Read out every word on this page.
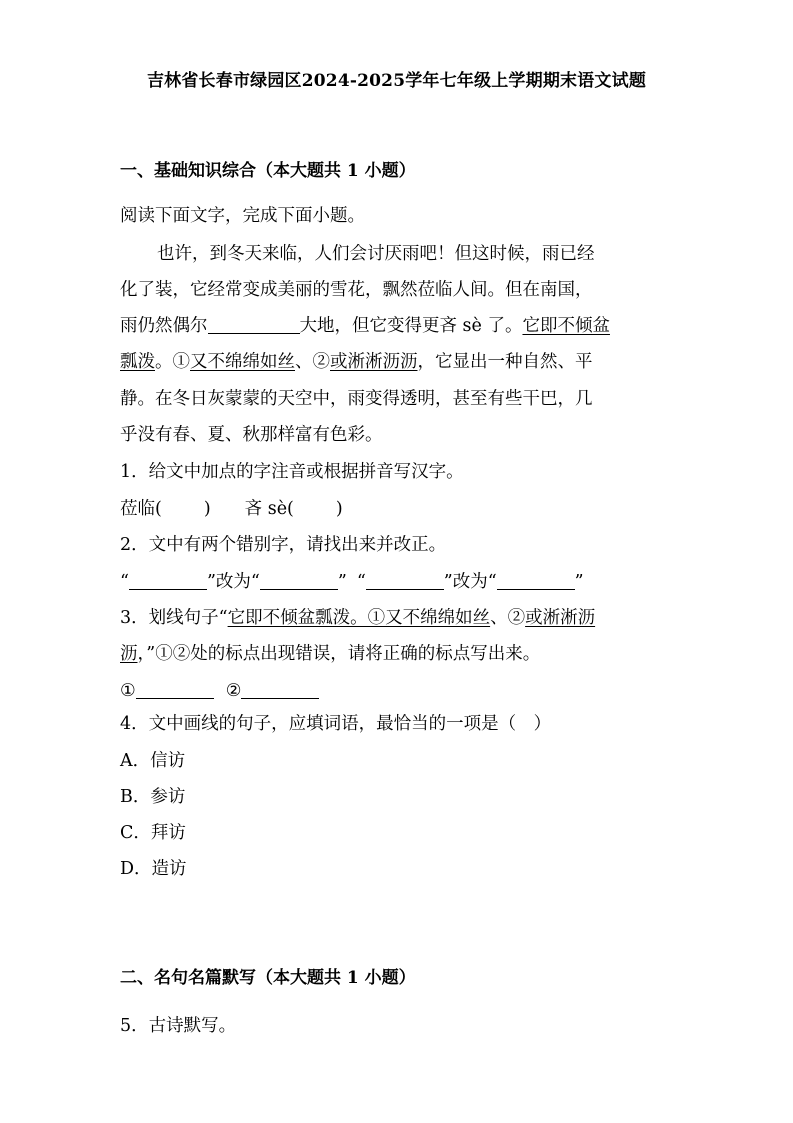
吉林省长春市绿园区2024-2025学年七年级上学期期末语文试题
一、基础知识综合（本大题共 1 小题）
阅读下面文字，完成下面小题。
也许，到冬天来临，人们会讨厌雨吧！但这时候，雨已经
化了装，它经常变成美丽的雪花，飘然莅临人间。但在南国，
雨仍然偶尔	大地，但它变得更吝 sè 了。它即不倾盆
瓢泼。①又不绵绵如丝、②或淅淅沥沥，它显出一种自然、平
静。在冬日灰蒙蒙的天空中，雨变得透明，甚至有些干巴，几
乎没有春、夏、秋那样富有色彩。
1．给文中加点的字注音或根据拼音写汉字。
莅临( ) 吝 sè( )
2．文中有两个错别字，请找出来并改正。
“	”改为“	” “	”改为“	”
3．划线句子“它即不倾盆瓢泼。①又不绵绵如丝、②或淅淅沥
沥，”①②处的标点出现错误，请将正确的标点写出来。
①	②
4．文中画线的句子，应填词语，最恰当的一项是（　）
A．信访
B．参访
C．拜访
D．造访
二、名句名篇默写（本大题共 1 小题）
5．古诗默写。
